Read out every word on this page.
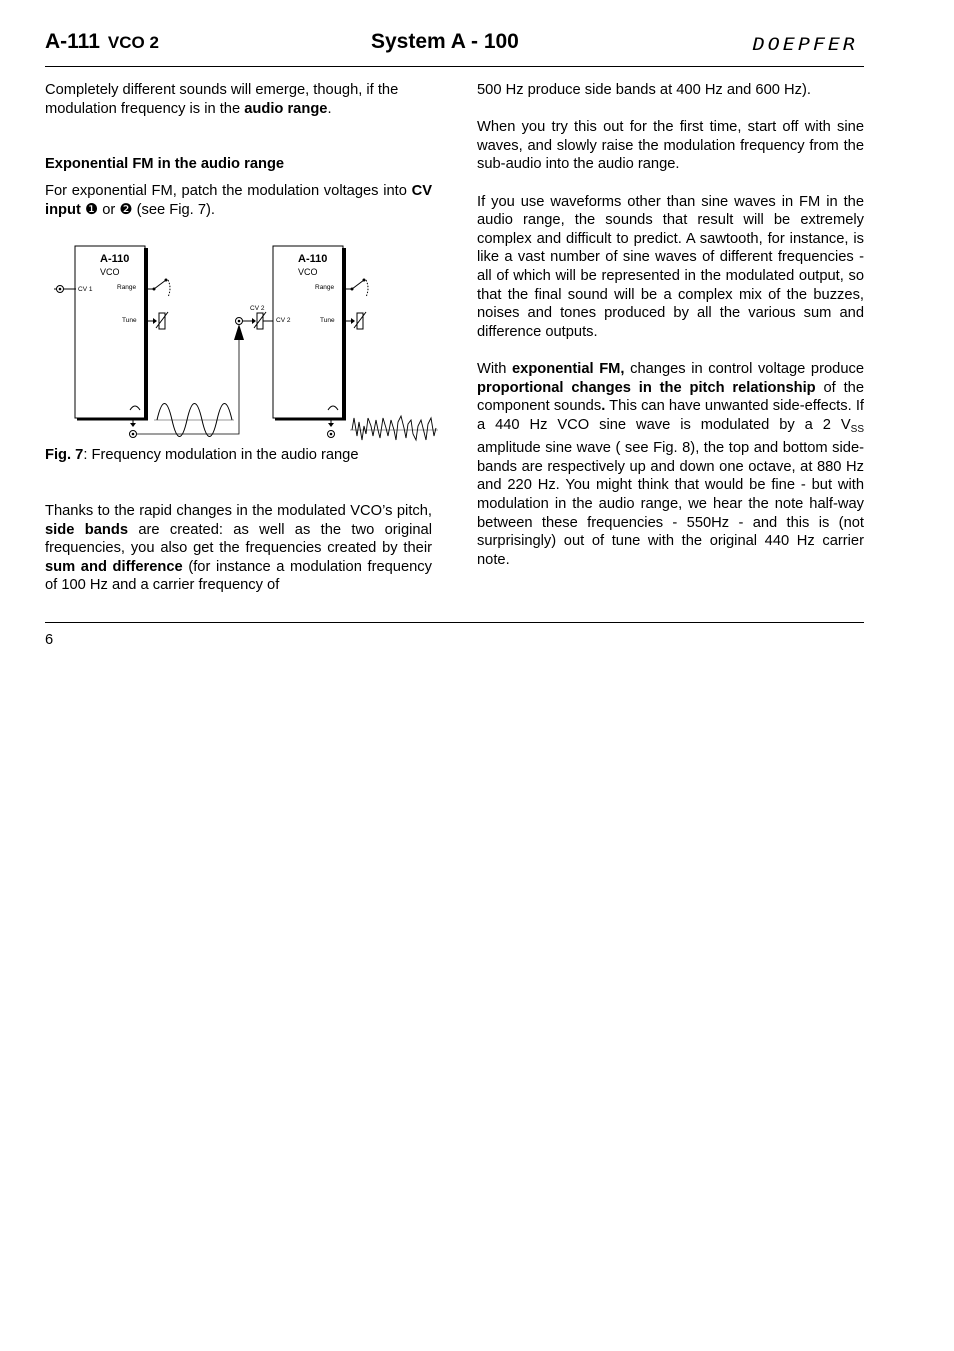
A-111 VCO 2	System A - 100	DOEPFER
Completely different sounds will emerge, though, if the modulation frequency is in the audio range.
Exponential FM in the audio range
For exponential FM, patch the modulation voltages into CV input ❶ or ❷ (see Fig. 7).
A-110
VCO
Range
Tune
CV 1
CV 2
A-110
VCO
Range
Tune
CV 2
Fig. 7: Frequency modulation in the audio range
Thanks to the rapid changes in the modulated VCO’s pitch, side bands are created: as well as the two original frequencies, you also get the frequencies created by their sum and difference (for instance a modulation frequency of 100 Hz and a carrier frequency of

500 Hz produce side bands at 400 Hz and 600 Hz).

When you try this out for the first time, start off with sine waves, and slowly raise the modulation frequency from the sub-audio into the audio range.

If you use waveforms other than sine waves in FM in the audio range, the sounds that result will be extremely complex and difficult to predict. A sawtooth, for instance, is like a vast number of sine waves of different frequencies - all of which will be represented in the modulated output, so that the final sound will be a complex mix of the buzzes, noises and tones produced by all the various sum and difference outputs.

With exponential FM, changes in control voltage produce proportional changes in the pitch relationship of the component sounds. This can have unwanted side-effects. If a 440 Hz VCO sine wave is modulated by a 2 $V_{SS}$ amplitude sine wave ( see Fig. 8), the top and bottom side-bands are respectively up and down one octave, at 880 Hz and 220 Hz. You might think that would be fine - but with modulation in the audio range, we hear the note half-way between these frequencies - 550Hz - and this is (not surprisingly) out of tune with the original 440 Hz carrier note.

6
